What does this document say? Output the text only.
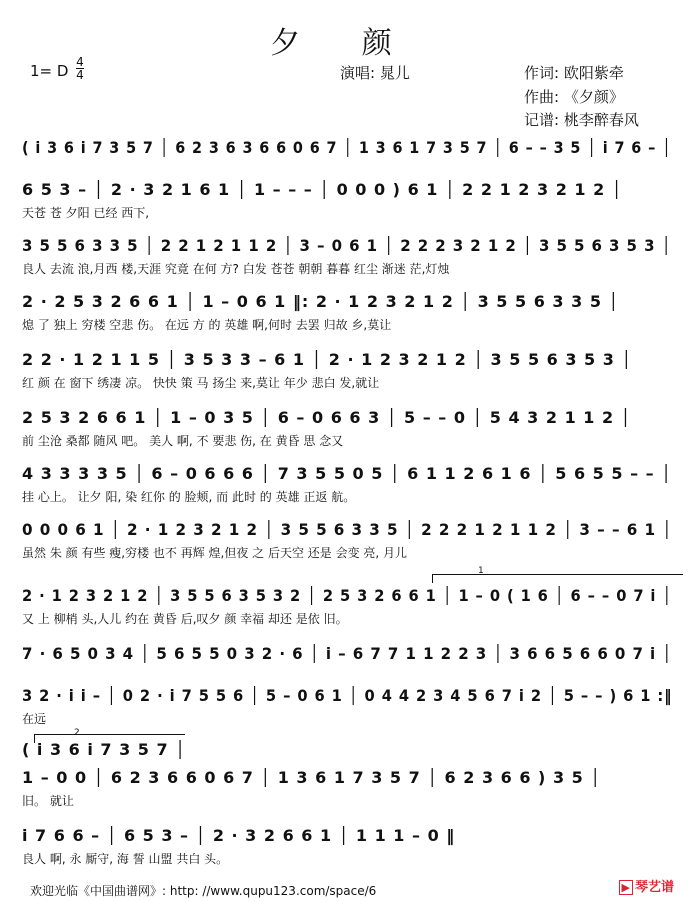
夕 颜
1= D 4
4	演唱: 晁儿	作词: 欧阳紫牵
作曲: 《夕颜》
记谱: 桃李醉春风
( i 3 6 i 7 3 5 7 │ 6 2 3 6 3 6 6 0 6 7 │ 1 3 6 1 7 3 5 7 │ 6 – – 3 5 │ i 7 6 – │
6 5 3 – │ 2 · 3 2 1 6 1 │ 1 – – – │ 0 0 0 ) 6 1 │ 2 2 1 2 3 2 1 2 │
天苍 苍 夕阳 已经 西下,
3 5 5 6 3 3 5 │ 2 2 1 2 1 1 2 │ 3 – 0 6 1 │ 2 2 2 3 2 1 2 │ 3 5 5 6 3 5 3 │
良人 去流 浪,月西 楼,天涯 究竟 在何 方? 白发 苍苍 朝朝 暮暮 红尘 渐迷 茫,灯烛
2 · 2 5 3 2 6 6 1 │ 1 – 0 6 1 ‖: 2 · 1 2 3 2 1 2 │ 3 5 5 6 3 3 5 │
熄 了 独上 穷楼 空悲 伤。 在远 方 的 英雄 啊,何时 去罢 归故 乡,莫让
2 2 · 1 2 1 1 5 │ 3 5 3 3 – 6 1 │ 2 · 1 2 3 2 1 2 │ 3 5 5 6 3 5 3 │
红 颜 在 窗下 绣凄 凉。 快快 策 马 扬尘 来,莫让 年少 悲白 发,就让
2 5 3 2 6 6 1 │ 1 – 0 3 5 │ 6 – 0 6 6 3 │ 5 – – 0 │ 5 4 3 2 1 1 2 │
前 尘沧 桑都 随风 吧。 美人 啊, 不 要悲 伤, 在 黄昏 思 念又
4 3 3 3 3 5 │ 6 – 0 6 6 6 │ 7 3 5 5 0 5 │ 6 1 1 2 6 1 6 │ 5 6 5 5 – – │
挂 心上。 让夕 阳, 染 红你 的 脸颊, 而 此时 的 英雄 正返 航。
0 0 0 6 1 │ 2 · 1 2 3 2 1 2 │ 3 5 5 6 3 3 5 │ 2 2 2 1 2 1 1 2 │ 3 – – 6 1 │
虽然 朱 颜 有些 瘦,穷楼 也不 再辉 煌,但夜 之 后天空 还是 会变 亮, 月儿
1
2 · 1 2 3 2 1 2 │ 3 5 5 6 3 5 3 2 │ 2 5 3 2 6 6 1 │ 1 – 0 ( 1 6 │ 6 – – 0 7 i │
又 上 柳梢 头,人儿 约在 黄昏 后,叹夕 颜 幸福 却还 是依 旧。
7 · 6 5 0 3 4 │ 5 6 5 5 0 3 2 · 6 │ i – 6 7 7 1 1 2 2 3 │ 3 6 6 5 6 6 0 7 i │
3 2 · i i – │ 0 2 · i 7 5 5 6 │ 5 – 0 6 1 │ 0 4 4 2 3 4 5 6 7 i 2 │ 5 – – ) 6 1 :‖
在远
2
( i 3 6 i 7 3 5 7 │
1 – 0 0 │ 6 2 3 6 6 0 6 7 │ 1 3 6 1 7 3 5 7 │ 6 2 3 6 6 ) 3 5 │
旧。 就让
i 7 6 6 – │ 6 5 3 – │ 2 · 3 2 6 6 1 │ 1 1 1 – 0 ‖
良人 啊, 永 厮守, 海 誓 山盟 共白 头。
欢迎光临《中国曲谱网》: http: //www.qupu123.com/space/6	▶ 琴艺谱
